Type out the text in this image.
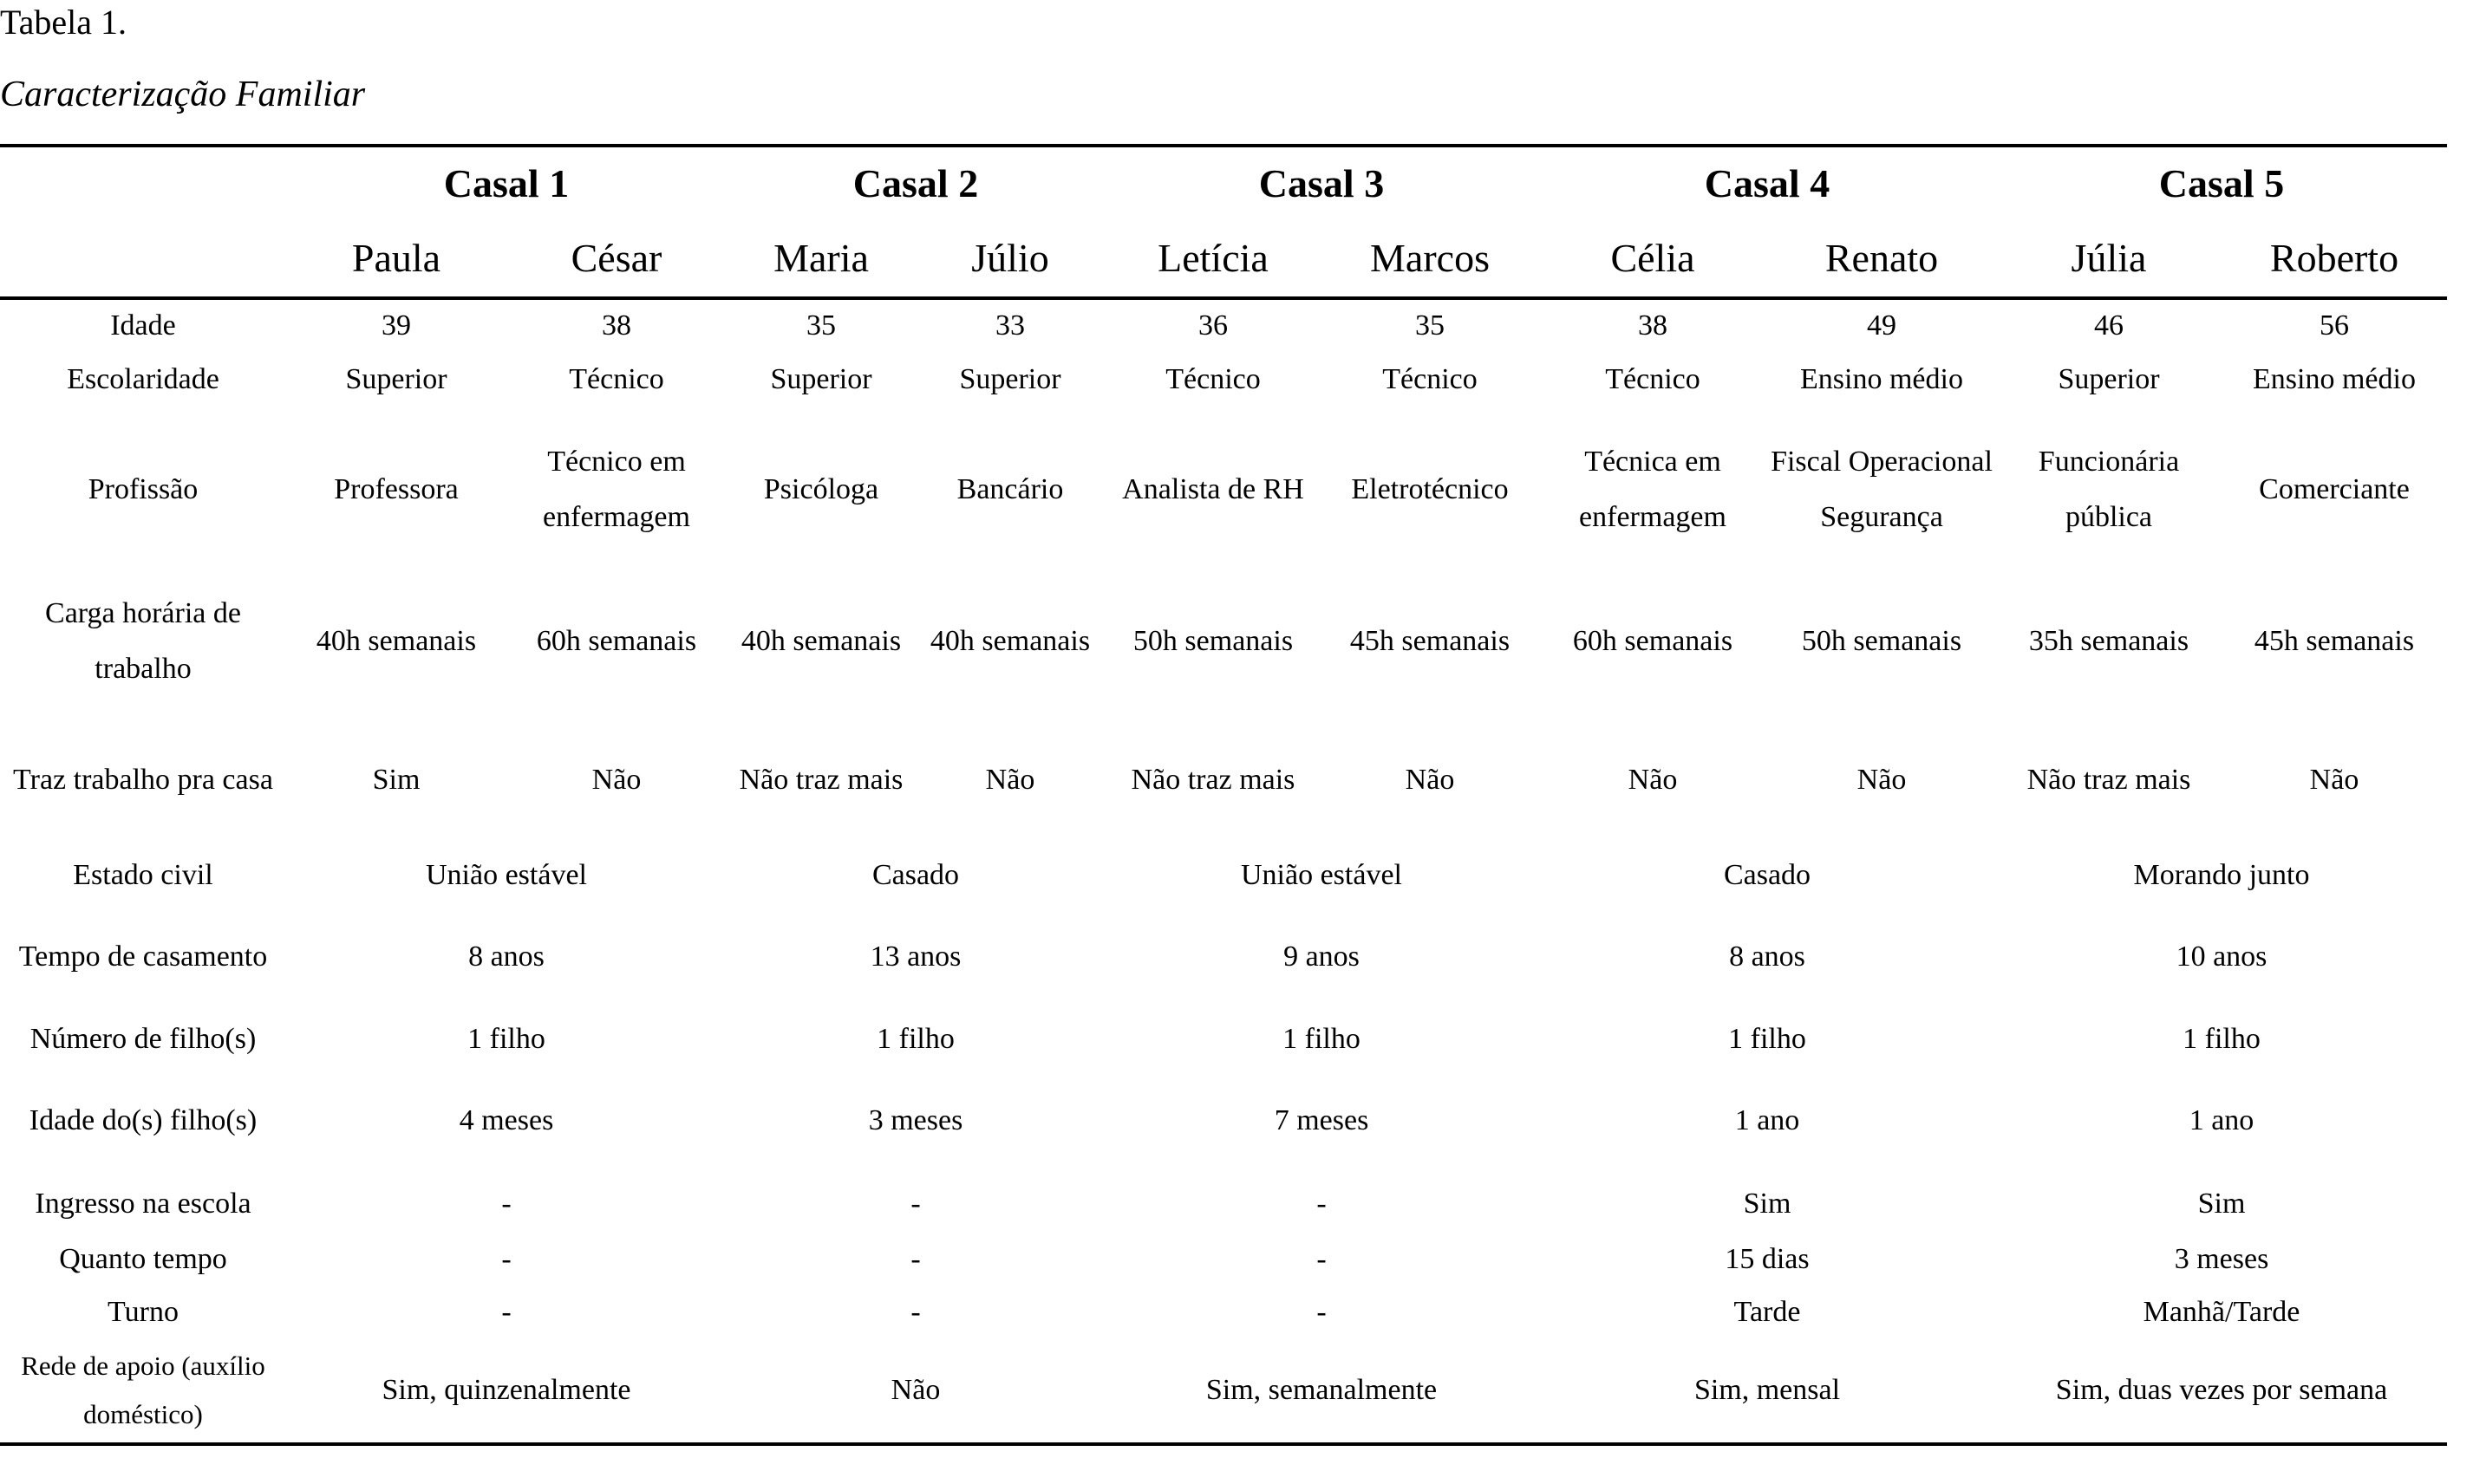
Tabela 1.
Caracterização Familiar
	Casal 1		Casal 2		Casal 3		Casal 4		Casal 5	
	Paula	César	Maria	Júlio	Letícia	Marcos	Célia	Renato	Júlia	Roberto
Idade	39	38	35	33	36	35	38	49	46	56
Escolaridade	Superior	Técnico	Superior	Superior	Técnico	Técnico	Técnico	Ensino médio	Superior	Ensino médio
Profissão	Professora	Técnico em enfermagem	Psicóloga	Bancário	Analista de RH	Eletrotécnico	Técnica em enfermagem	Fiscal Operacional Segurança	Funcionária pública	Comerciante
Carga horária de trabalho	40h semanais	60h semanais	40h semanais	40h semanais	50h semanais	45h semanais	60h semanais	50h semanais	35h semanais	45h semanais
Traz trabalho pra casa	Sim	Não	Não traz mais	Não	Não traz mais	Não	Não	Não	Não traz mais	Não
Estado civil	União estável		Casado		União estável		Casado		Morando junto	
Tempo de casamento	8 anos		13 anos		9 anos		8 anos		10 anos	
Número de filho(s)	1 filho		1 filho		1 filho		1 filho		1 filho	
Idade do(s) filho(s)	4 meses		3 meses		7 meses		1 ano		1 ano	
Ingresso na escola	-		-		-		Sim		Sim	
Quanto tempo	-		-		-		15 dias		3 meses	
Turno	-		-		-		Tarde		Manhã/Tarde	
Rede de apoio (auxílio doméstico)	Sim, quinzenalmente		Não		Sim, semanalmente		Sim, mensal		Sim, duas vezes por semana	
